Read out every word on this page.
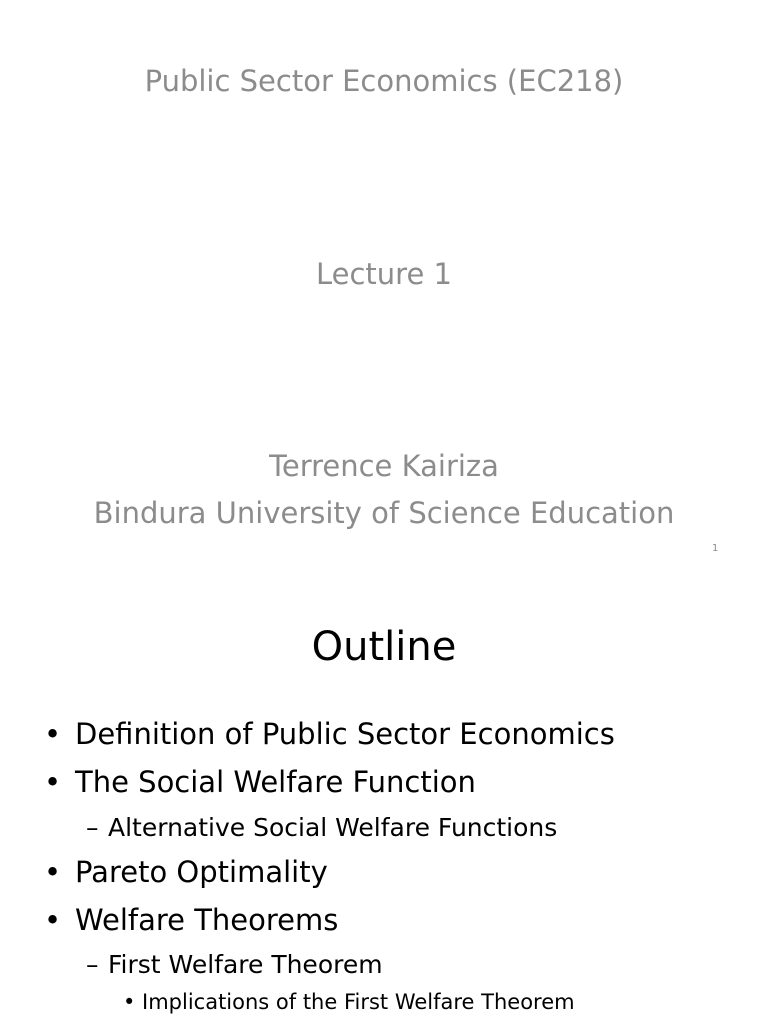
Public Sector Economics (EC218)
Lecture 1
Terrence Kairiza
Bindura University of Science Education
1
Outline
• Definition of Public Sector Economics
• The Social Welfare Function
– Alternative Social Welfare Functions
• Pareto Optimality
• Welfare Theorems
– First Welfare Theorem
• Implications of the First Welfare Theorem
